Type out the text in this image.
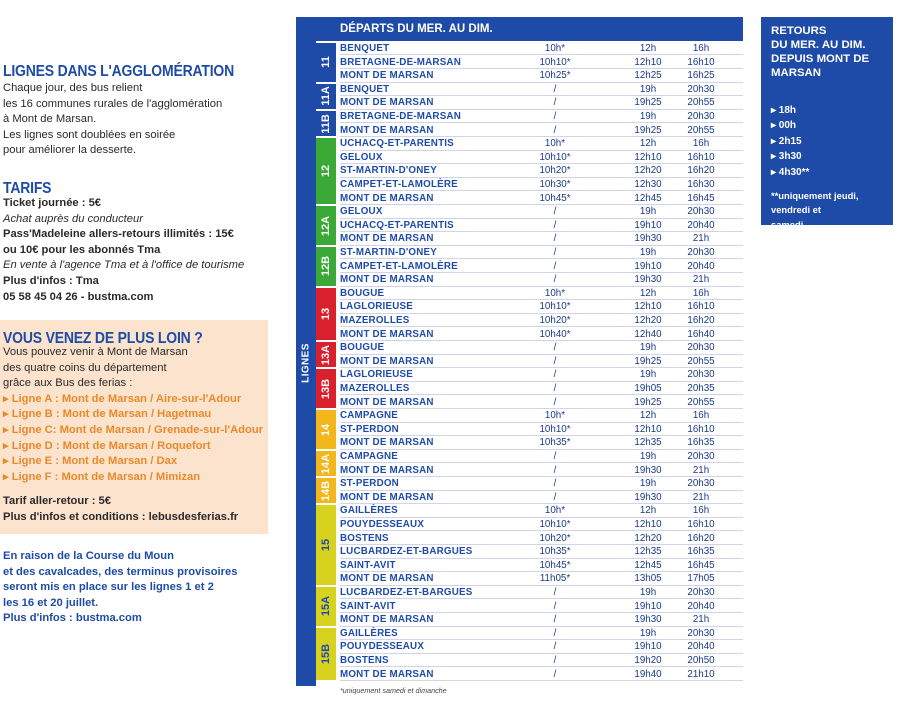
LIGNES DANS L'AGGLOMÉRATION
Chaque jour, des bus relient
les 16 communes rurales de l'agglomération
à Mont de Marsan.
Les lignes sont doublées en soirée
pour améliorer la desserte.
TARIFS
Ticket journée : 5€
Achat auprès du conducteur
Pass'Madeleine allers-retours illimités : 15€
ou 10€ pour les abonnés Tma
En vente à l'agence Tma et à l'office de tourisme
Plus d'infos : Tma
05 58 45 04 26 - bustma.com
VOUS VENEZ DE PLUS LOIN ?
Vous pouvez venir à Mont de Marsan
des quatre coins du département
grâce aux Bus des ferias :
▸ Ligne A : Mont de Marsan / Aire-sur-l'Adour
▸ Ligne B : Mont de Marsan / Hagetmau
▸ Ligne C: Mont de Marsan / Grenade-sur-l'Adour
▸ Ligne D : Mont de Marsan / Roquefort
▸ Ligne E : Mont de Marsan / Dax
▸ Ligne F : Mont de Marsan / Mimizan
Tarif aller-retour : 5€
Plus d'infos et conditions : lebusdesferias.fr
En raison de la Course du Moun
et des cavalcades, des terminus provisoires
seront mis en place sur les lignes 1 et 2
les 16 et 20 juillet.
Plus d'infos : bustma.com
LIGNES
DÉPARTS DU MER. AU DIM.
BENQUET	10h*	12h	16h
BRETAGNE-DE-MARSAN	10h10*	12h10	16h10
MONT DE MARSAN	10h25*	12h25	16h25
11
BENQUET	/	19h	20h30
MONT DE MARSAN	/	19h25	20h55
11A
BRETAGNE-DE-MARSAN	/	19h	20h30
MONT DE MARSAN	/	19h25	20h55
11B
UCHACQ-ET-PARENTIS	10h*	12h	16h
GELOUX	10h10*	12h10	16h10
ST-MARTIN-D'ONEY	10h20*	12h20	16h20
CAMPET-ET-LAMOLÈRE	10h30*	12h30	16h30
MONT DE MARSAN	10h45*	12h45	16h45
12
GELOUX	/	19h	20h30
UCHACQ-ET-PARENTIS	/	19h10	20h40
MONT DE MARSAN	/	19h30	21h
12A
ST-MARTIN-D'ONEY	/	19h	20h30
CAMPET-ET-LAMOLÈRE	/	19h10	20h40
MONT DE MARSAN	/	19h30	21h
12B
BOUGUE	10h*	12h	16h
LAGLORIEUSE	10h10*	12h10	16h10
MAZEROLLES	10h20*	12h20	16h20
MONT DE MARSAN	10h40*	12h40	16h40
13
BOUGUE	/	19h	20h30
MONT DE MARSAN	/	19h25	20h55
13A
LAGLORIEUSE	/	19h	20h30
MAZEROLLES	/	19h05	20h35
MONT DE MARSAN	/	19h25	20h55
13B
CAMPAGNE	10h*	12h	16h
ST-PERDON	10h10*	12h10	16h10
MONT DE MARSAN	10h35*	12h35	16h35
14
CAMPAGNE	/	19h	20h30
MONT DE MARSAN	/	19h30	21h
14A
ST-PERDON	/	19h	20h30
MONT DE MARSAN	/	19h30	21h
14B
GAILLÈRES	10h*	12h	16h
POUYDESSEAUX	10h10*	12h10	16h10
BOSTENS	10h20*	12h20	16h20
LUCBARDEZ-ET-BARGUES	10h35*	12h35	16h35
SAINT-AVIT	10h45*	12h45	16h45
MONT DE MARSAN	11h05*	13h05	17h05
15
LUCBARDEZ-ET-BARGUES	/	19h	20h30
SAINT-AVIT	/	19h10	20h40
MONT DE MARSAN	/	19h30	21h
15A
GAILLÈRES	/	19h	20h30
POUYDESSEAUX	/	19h10	20h40
BOSTENS	/	19h20	20h50
MONT DE MARSAN	/	19h40	21h10
15B
*uniquement samedi et dimanche
RETOURS
DU MER. AU DIM.
DEPUIS MONT DE
MARSAN
▸ 18h
▸ 00h
▸ 2h15
▸ 3h30
▸ 4h30**
**uniquement jeudi,
vendredi et
samedi
